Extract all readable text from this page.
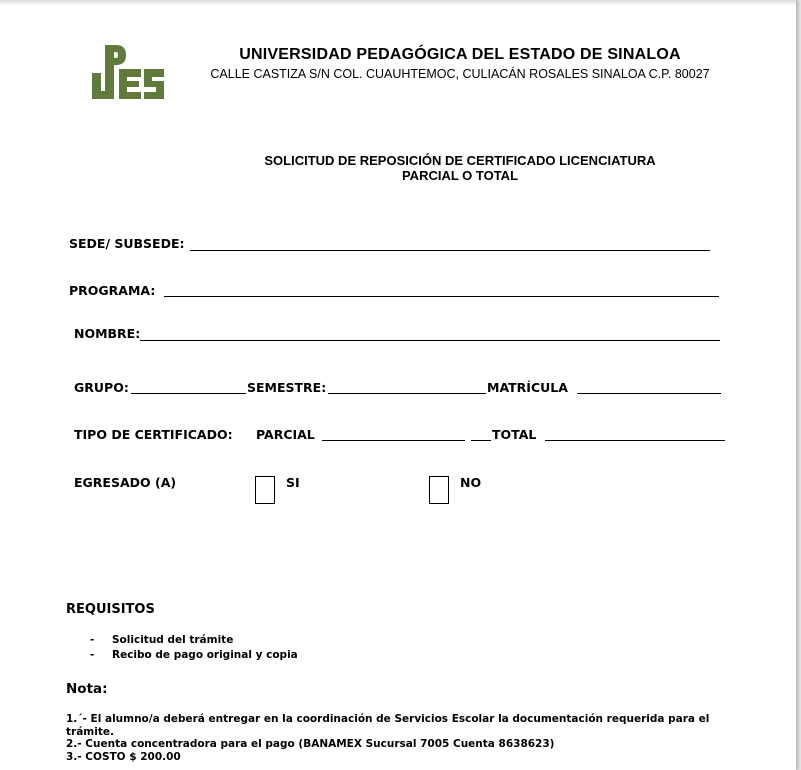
UNIVERSIDAD PEDAGÓGICA DEL ESTADO DE SINALOA
CALLE CASTIZA S/N COL. CUAUHTEMOC, CULIACÁN ROSALES SINALOA C.P. 80027
SOLICITUD DE REPOSICIÓN DE CERTIFICADO LICENCIATURA
PARCIAL O TOTAL
SEDE/ SUBSEDE:
PROGRAMA:
NOMBRE:
GRUPO:	SEMESTRE:	MATRÍCULA
TIPO DE CERTIFICADO: PARCIAL	TOTAL
EGRESADO (A)	SI	NO
REQUISITOS
- Solicitud del trámite
- Recibo de pago original y copia
Nota:
1.´- El alumno/a deberá entregar en la coordinación de Servicios Escolar la documentación requerida para el trámite.
2.- Cuenta concentradora para el pago (BANAMEX Sucursal 7005 Cuenta 8638623)
3.- COSTO $ 200.00
